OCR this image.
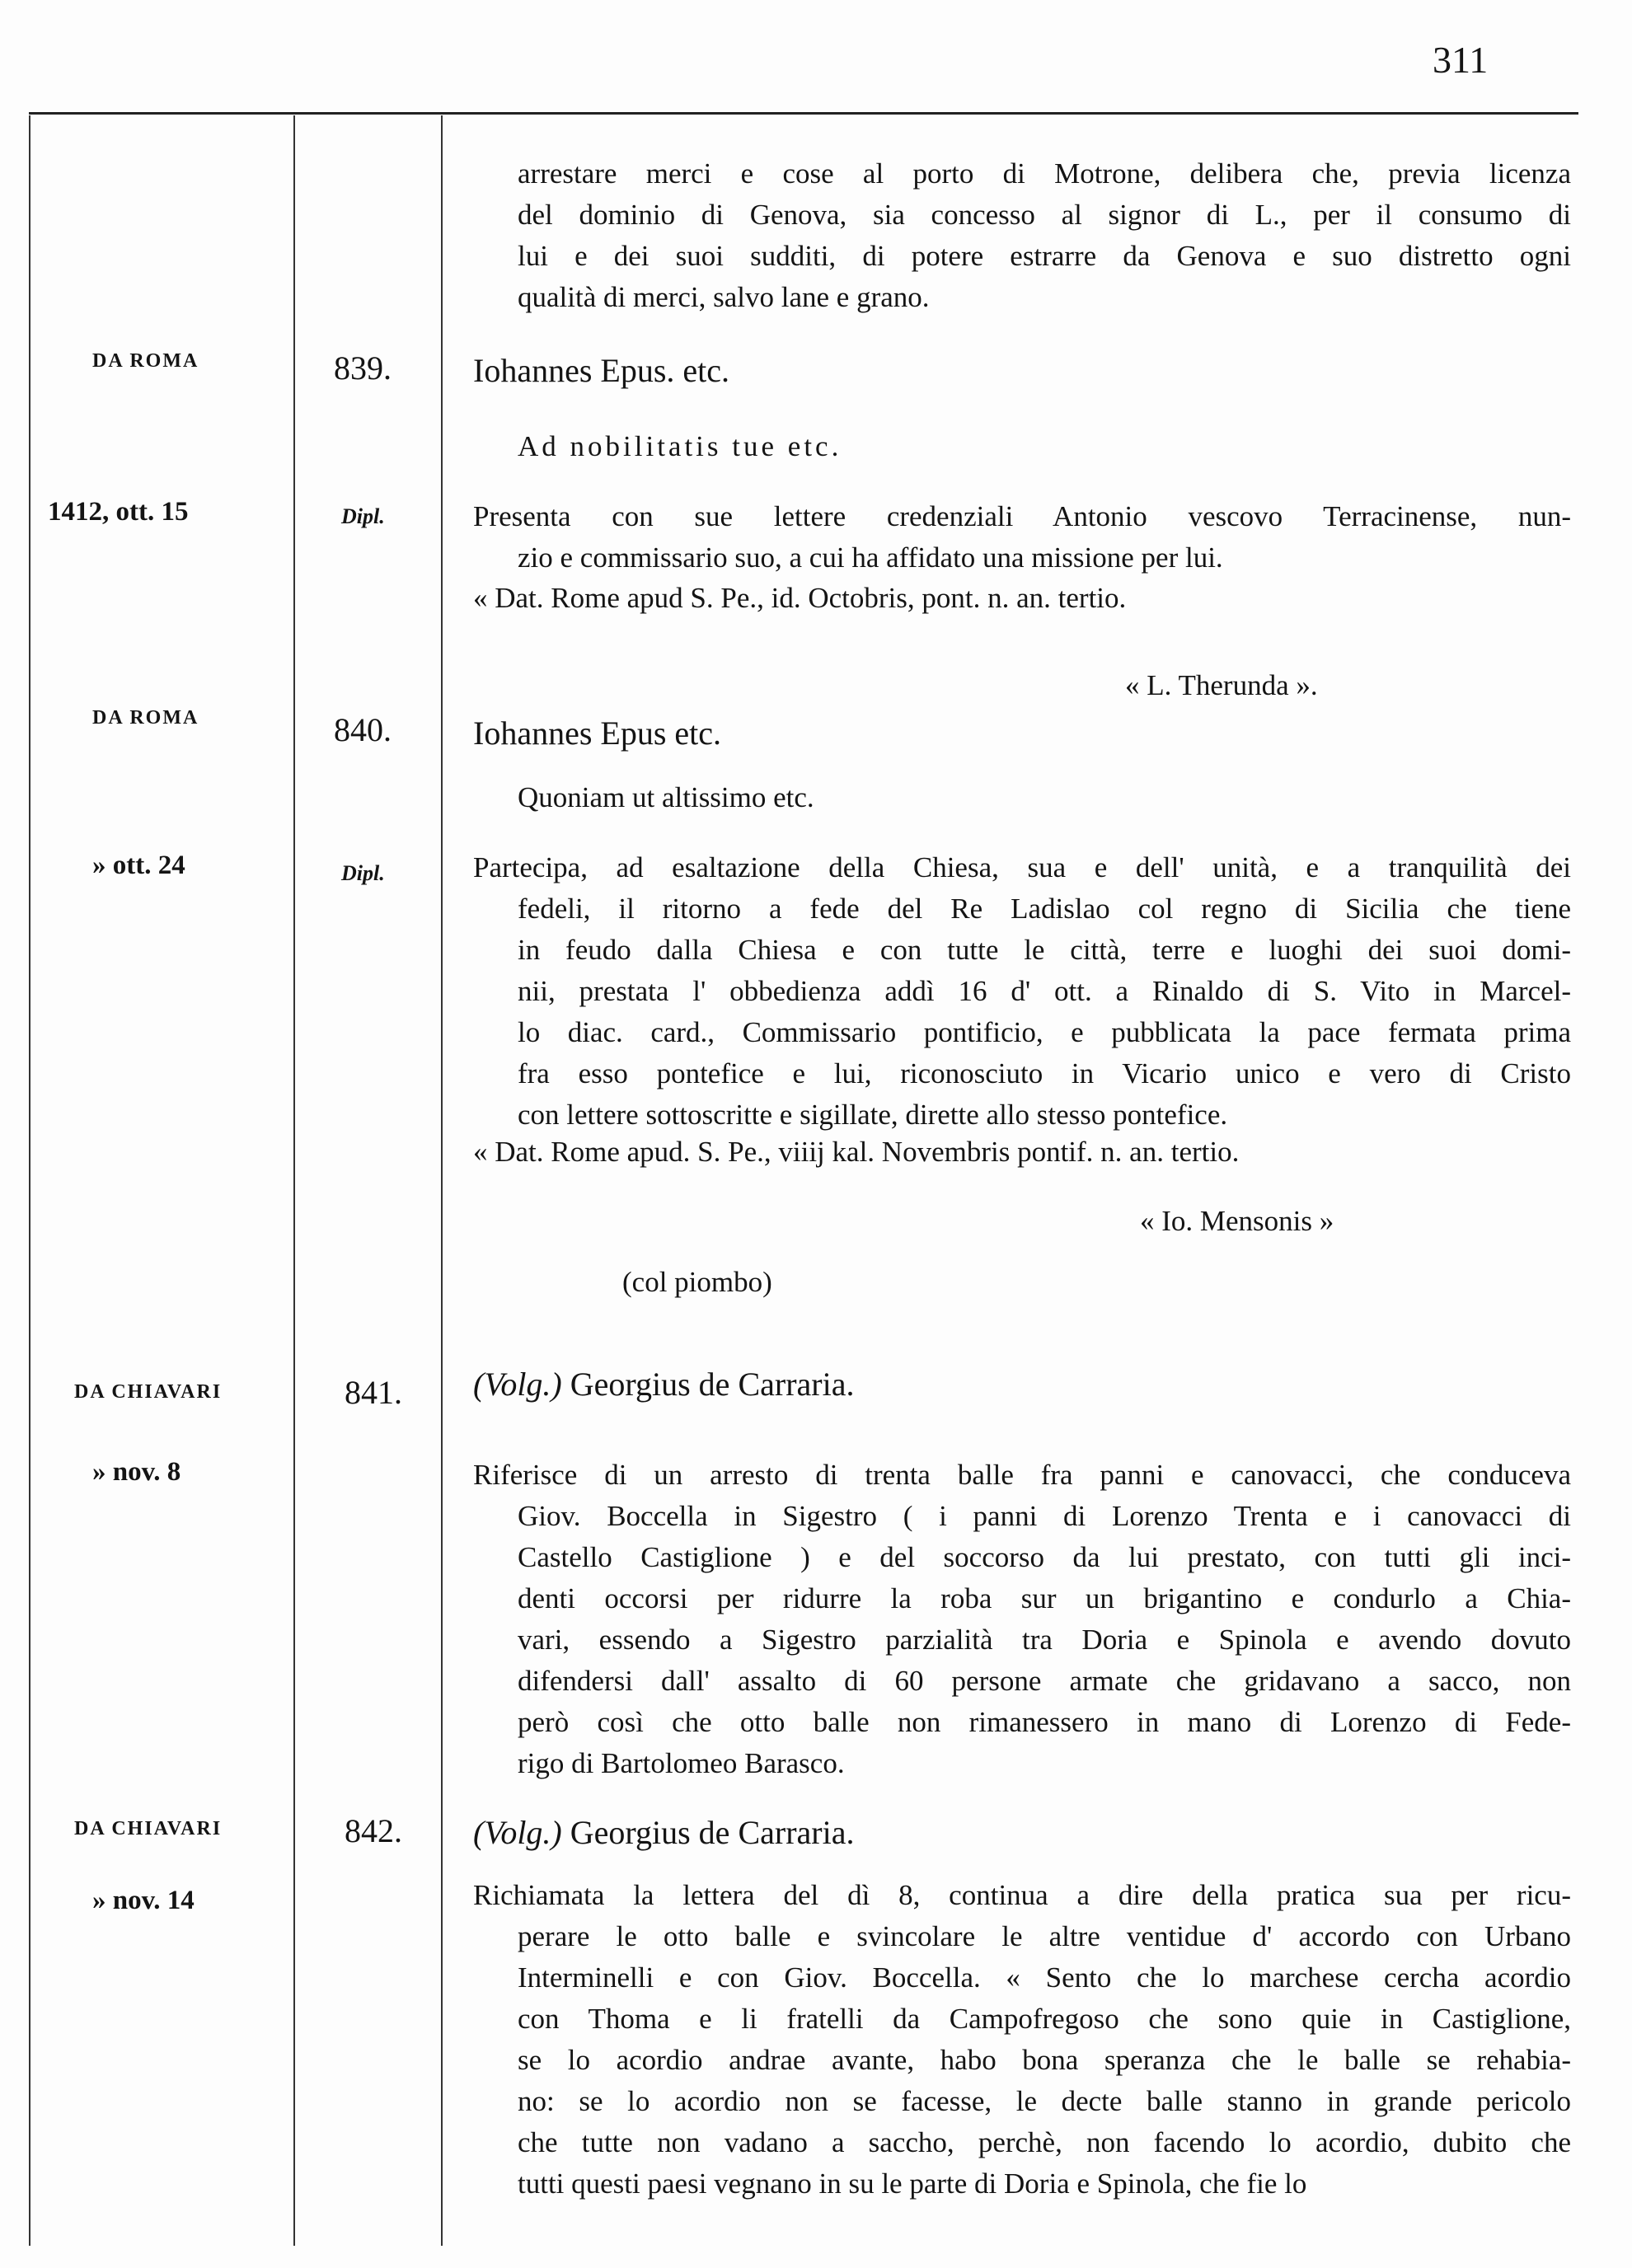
311
arrestare merci e cose al porto di Motrone, delibera che, previa licenza
del dominio di Genova, sia concesso al signor di L., per il consumo di
lui e dei suoi sudditi, di potere estrarre da Genova e suo distretto ogni
qualità di merci, salvo lane e grano.
DA ROMA	839. Iohannes Epus. etc.
Ad nobilitatis tue etc.
1412, ott. 15	Dipl.	Presenta con sue lettere credenziali Antonio vescovo Terracinense, nun-
zio e commissario suo, a cui ha affidato una missione per lui.
« Dat. Rome apud S. Pe., id. Octobris, pont. n. an. tertio.
« L. Therunda ».
DA ROMA	840. Iohannes Epus etc.
Quoniam ut altissimo etc.
» ott. 24	Dipl.	Partecipa, ad esaltazione della Chiesa, sua e dell' unità, e a tranquilità dei
fedeli, il ritorno a fede del Re Ladislao col regno di Sicilia che tiene
in feudo dalla Chiesa e con tutte le città, terre e luoghi dei suoi domi-
nii, prestata l' obbedienza addì 16 d' ott. a Rinaldo di S. Vito in Marcel-
lo diac. card., Commissario pontificio, e pubblicata la pace fermata prima
fra esso pontefice e lui, riconosciuto in Vicario unico e vero di Cristo
con lettere sottoscritte e sigillate, dirette allo stesso pontefice.
« Dat. Rome apud. S. Pe., viiij kal. Novembris pontif. n. an. tertio.
« Io. Mensonis »
(col piombo)
DA CHIAVARI	841. (Volg.) Georgius de Carraria.
» nov. 8	Riferisce di un arresto di trenta balle fra panni e canovacci, che conduceva
Giov. Boccella in Sigestro ( i panni di Lorenzo Trenta e i canovacci di
Castello Castiglione ) e del soccorso da lui prestato, con tutti gli inci-
denti occorsi per ridurre la roba sur un brigantino e condurlo a Chia-
vari, essendo a Sigestro parzialità tra Doria e Spinola e avendo dovuto
difendersi dall' assalto di 60 persone armate che gridavano a sacco, non
però così che otto balle non rimanessero in mano di Lorenzo di Fede-
rigo di Bartolomeo Barasco.
DA CHIAVARI	842. (Volg.) Georgius de Carraria.
» nov. 14	Richiamata la lettera del dì 8, continua a dire della pratica sua per ricu-
perare le otto balle e svincolare le altre ventidue d' accordo con Urbano
Interminelli e con Giov. Boccella. « Sento che lo marchese cercha acordio
con Thoma e li fratelli da Campofregoso che sono quie in Castiglione,
se lo acordio andrae avante, habo bona speranza che le balle se rehabia-
no: se lo acordio non se facesse, le decte balle stanno in grande pericolo
che tutte non vadano a saccho, perchè, non facendo lo acordio, dubito che
tutti questi paesi vegnano in su le parte di Doria e Spinola, che fie lo
